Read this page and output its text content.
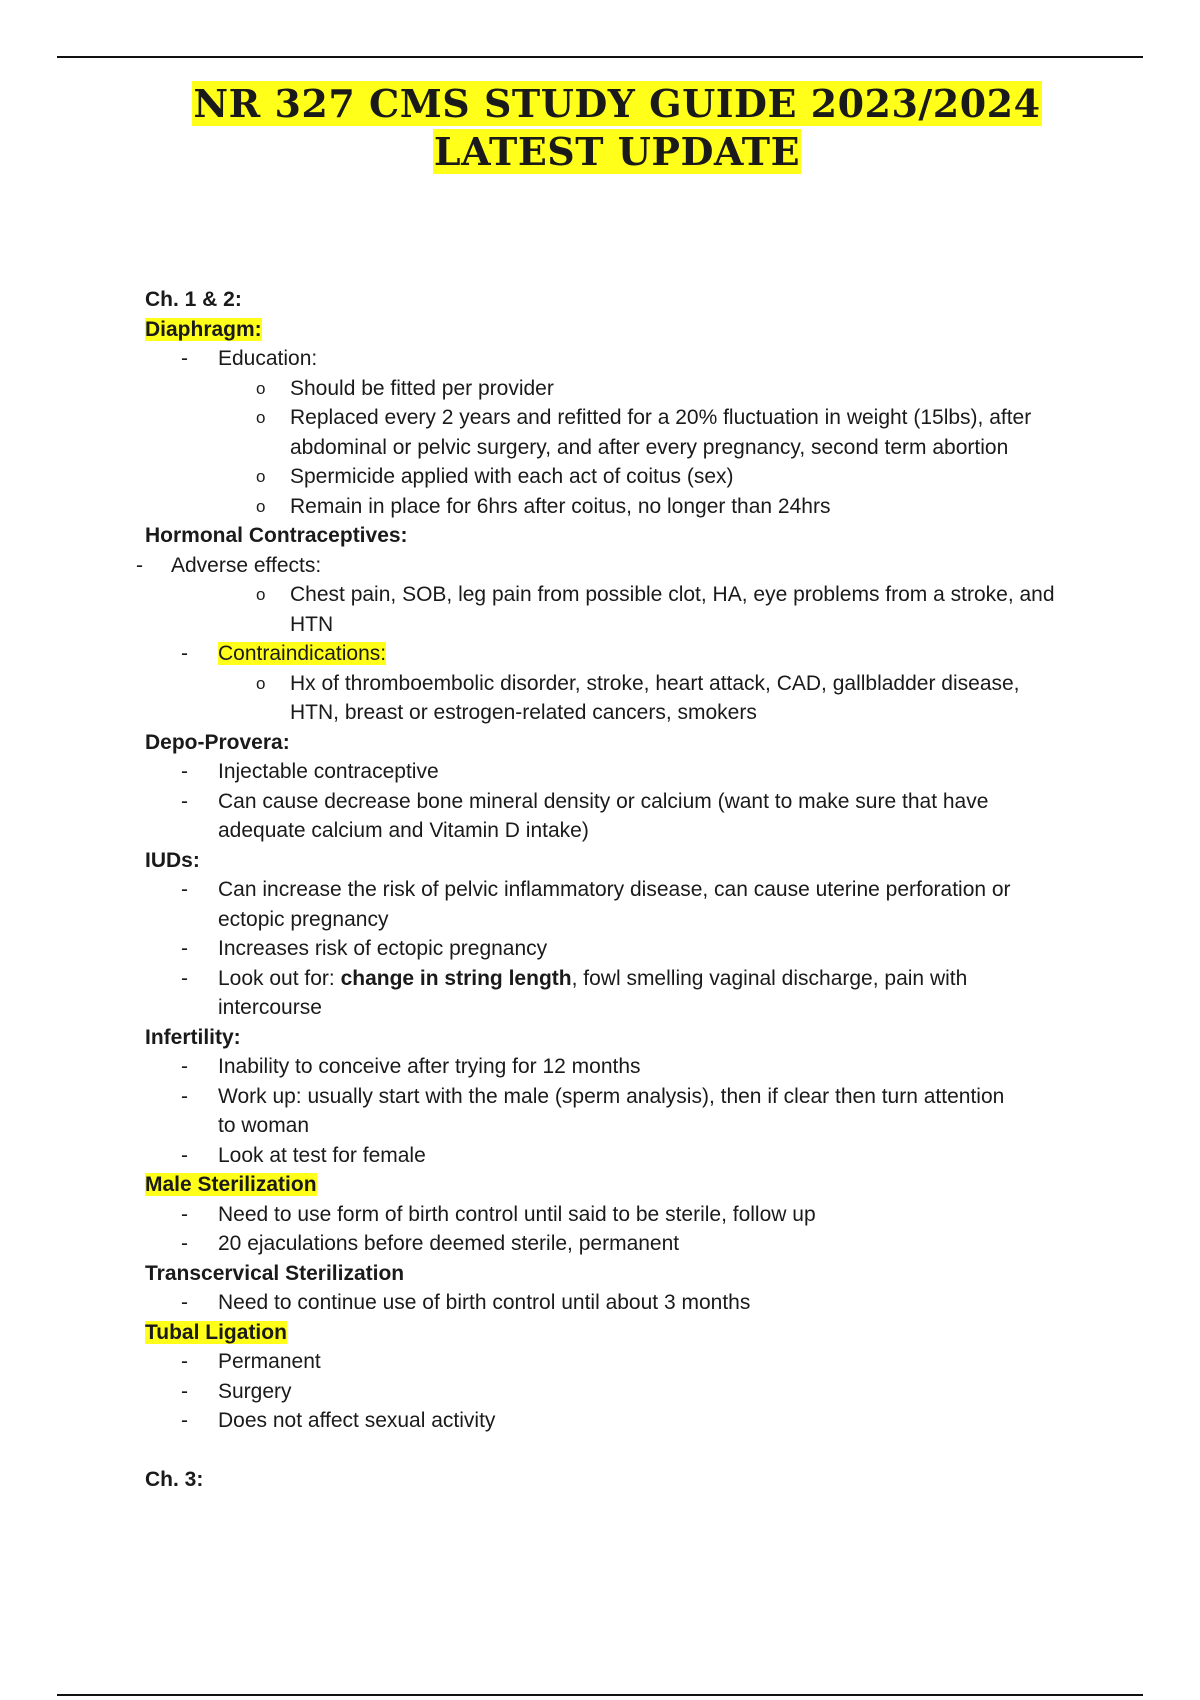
NR 327 CMS STUDY GUIDE 2023/2024
LATEST UPDATE
Ch. 1 & 2:
Diaphragm:
- Education:
o Should be fitted per provider
o Replaced every 2 years and refitted for a 20% fluctuation in weight (15lbs), after
abdominal or pelvic surgery, and after every pregnancy, second term abortion
o Spermicide applied with each act of coitus (sex)
o Remain in place for 6hrs after coitus, no longer than 24hrs
Hormonal Contraceptives:
- Adverse effects:
o Chest pain, SOB, leg pain from possible clot, HA, eye problems from a stroke, and
HTN
- Contraindications:
o Hx of thromboembolic disorder, stroke, heart attack, CAD, gallbladder disease,
HTN, breast or estrogen-related cancers, smokers
Depo-Provera:
- Injectable contraceptive
- Can cause decrease bone mineral density or calcium (want to make sure that have
adequate calcium and Vitamin D intake)
IUDs:
- Can increase the risk of pelvic inflammatory disease, can cause uterine perforation or
ectopic pregnancy
- Increases risk of ectopic pregnancy
- Look out for: change in string length, fowl smelling vaginal discharge, pain with
intercourse
Infertility:
- Inability to conceive after trying for 12 months
- Work up: usually start with the male (sperm analysis), then if clear then turn attention
to woman
- Look at test for female
Male Sterilization
- Need to use form of birth control until said to be sterile, follow up
- 20 ejaculations before deemed sterile, permanent
Transcervical Sterilization
- Need to continue use of birth control until about 3 months
Tubal Ligation
- Permanent
- Surgery
- Does not affect sexual activity
Ch. 3:
